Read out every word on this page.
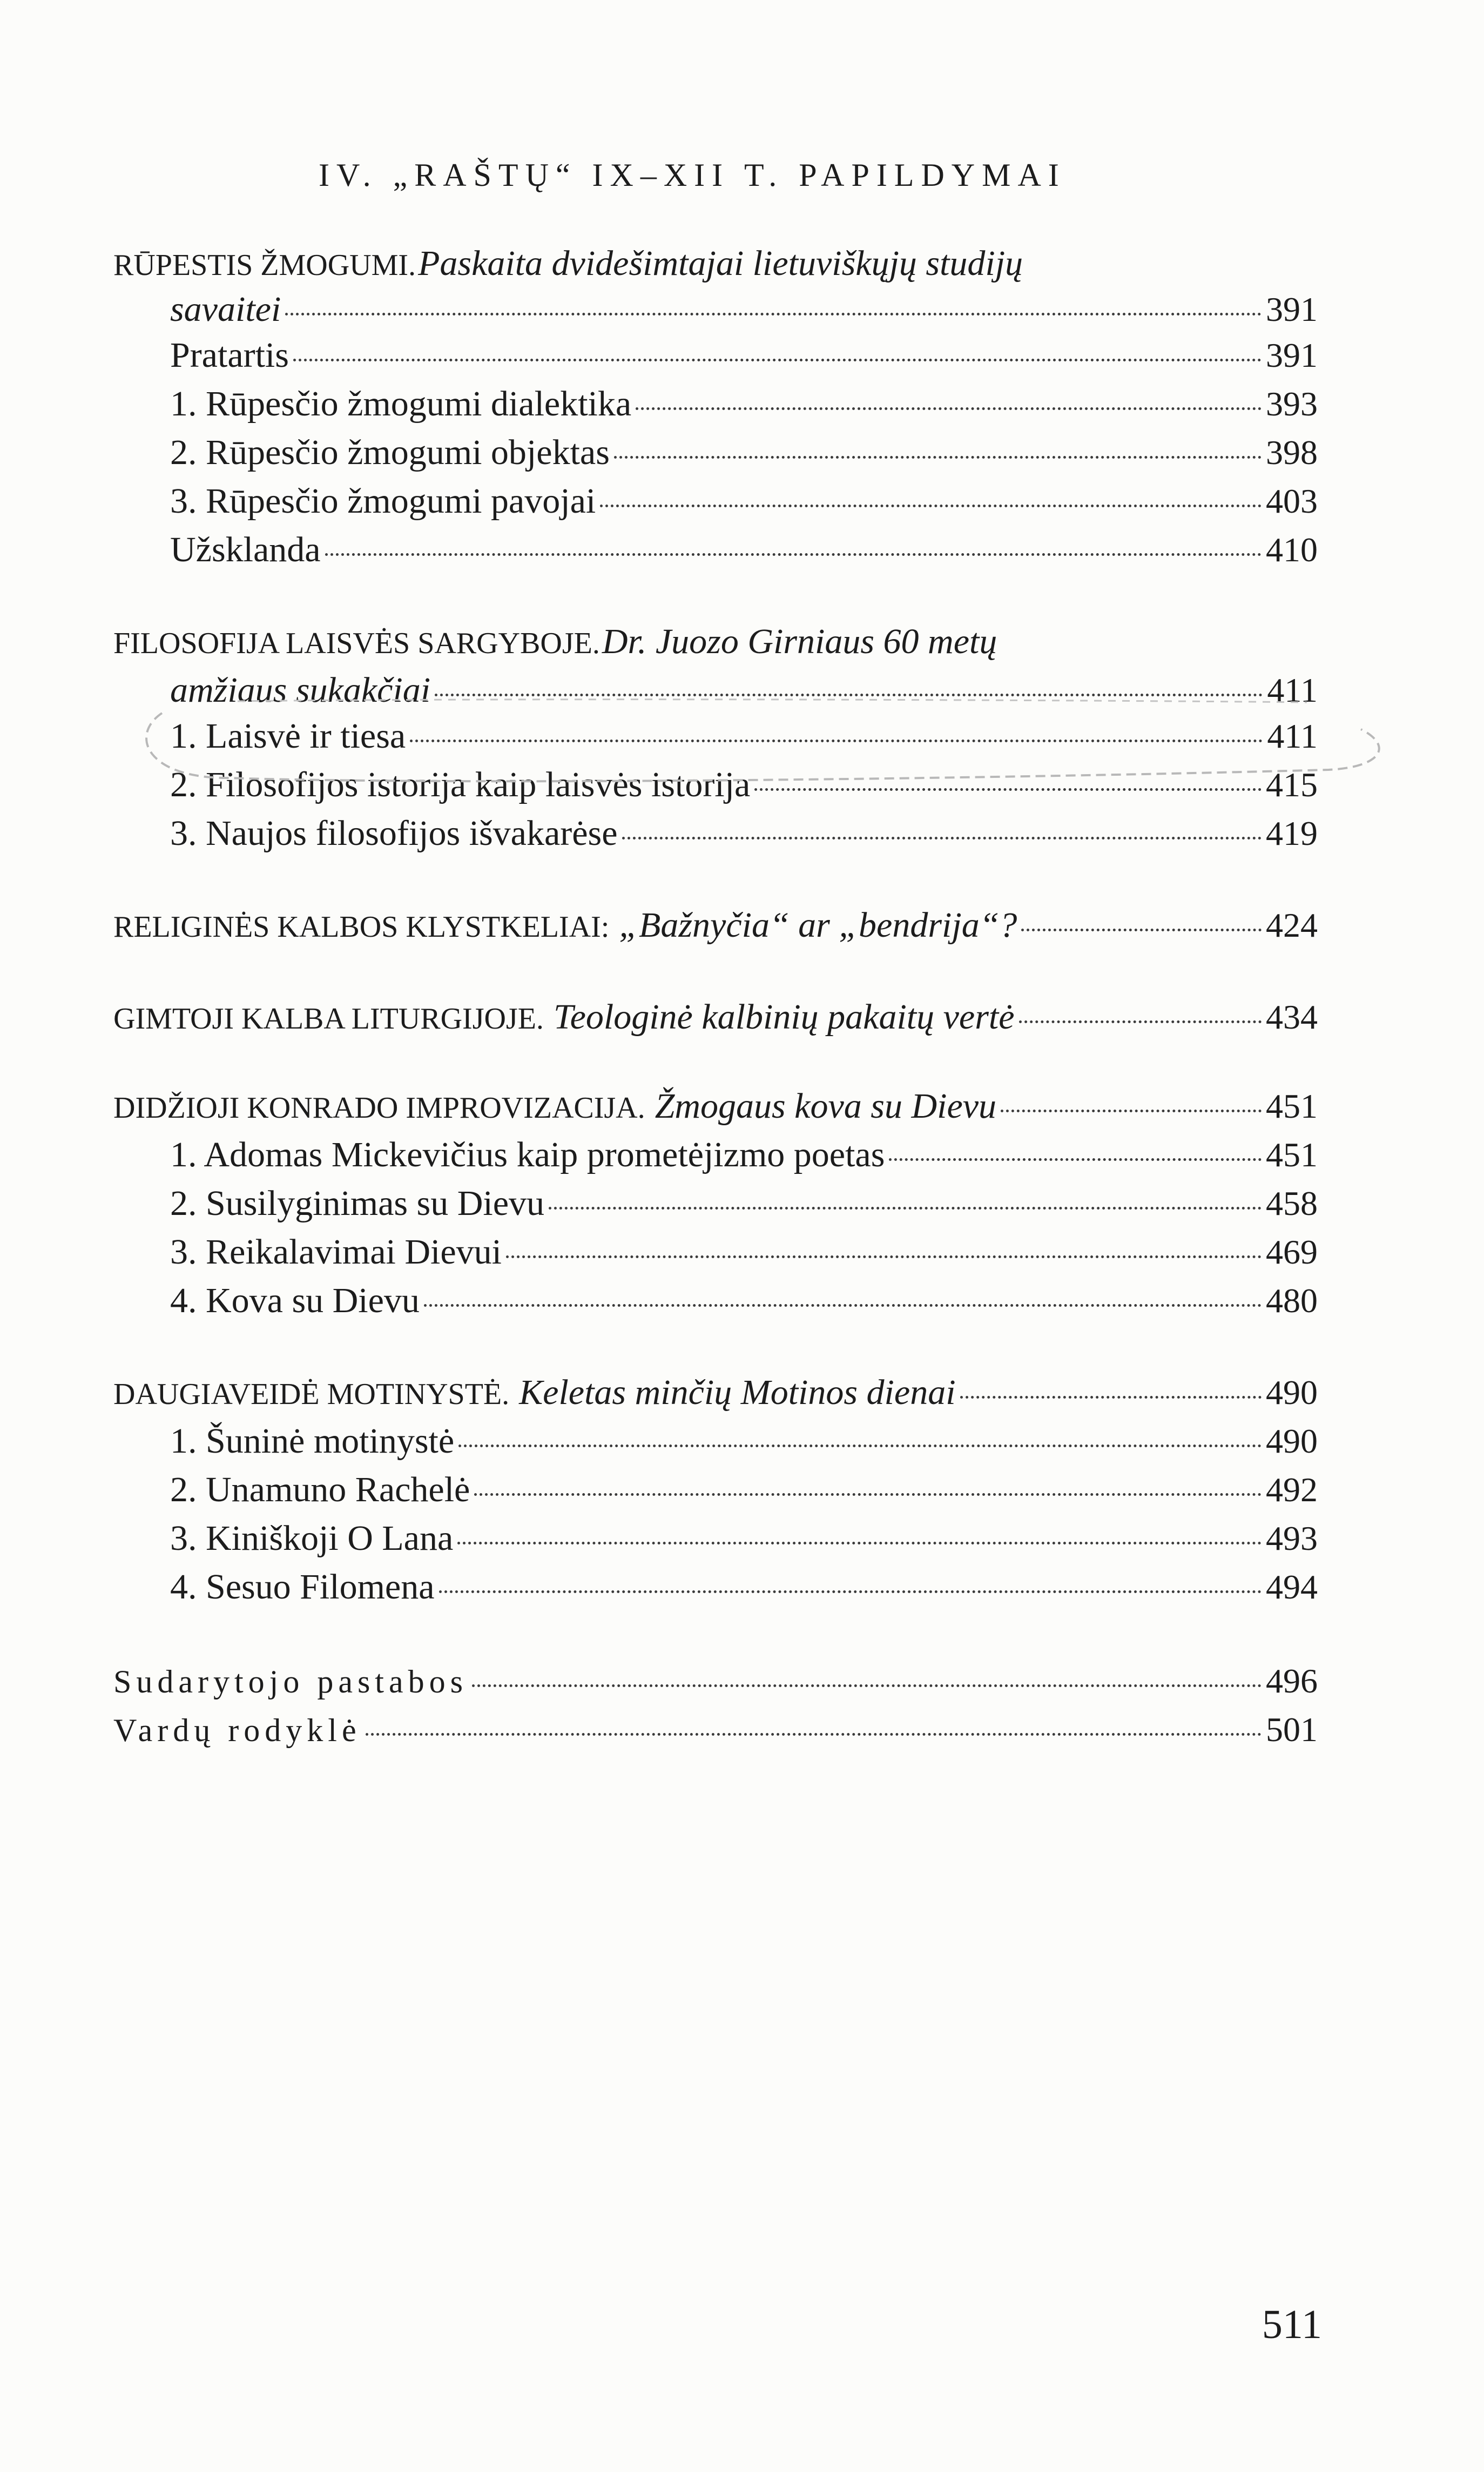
IV. „RAŠTŲ“ IX–XII T. PAPILDYMAI
RŪPESTIS ŽMOGUMI. Paskaita dvidešimtajai lietuviškųjų studijų
savaitei	391
Pratartis	391
1. Rūpesčio žmogumi dialektika	393
2. Rūpesčio žmogumi objektas	398
3. Rūpesčio žmogumi pavojai	403
Užsklanda	410
FILOSOFIJA LAISVĖS SARGYBOJE. Dr. Juozo Girniaus 60 metų
amžiaus sukakčiai	411
1. Laisvė ir tiesa	411
2. Filosofijos istorija kaip laisvės istorija	415
3. Naujos filosofijos išvakarėse	419
RELIGINĖS KALBOS KLYSTKELIAI: „Bažnyčia“ ar „bendrija“?	424
GIMTOJI KALBA LITURGIJOJE. Teologinė kalbinių pakaitų vertė	434
DIDŽIOJI KONRADO IMPROVIZACIJA. Žmogaus kova su Dievu	451
1. Adomas Mickevičius kaip prometėjizmo poetas	451
2. Susilyginimas su Dievu	458
3. Reikalavimai Dievui	469
4. Kova su Dievu	480
DAUGIAVEIDĖ MOTINYSTĖ. Keletas minčių Motinos dienai	490
1. Šuninė motinystė	490
2. Unamuno Rachelė	492
3. Kiniškoji O Lana	493
4. Sesuo Filomena	494
Sudarytojo pastabos	496
Vardų rodyklė	501
511
